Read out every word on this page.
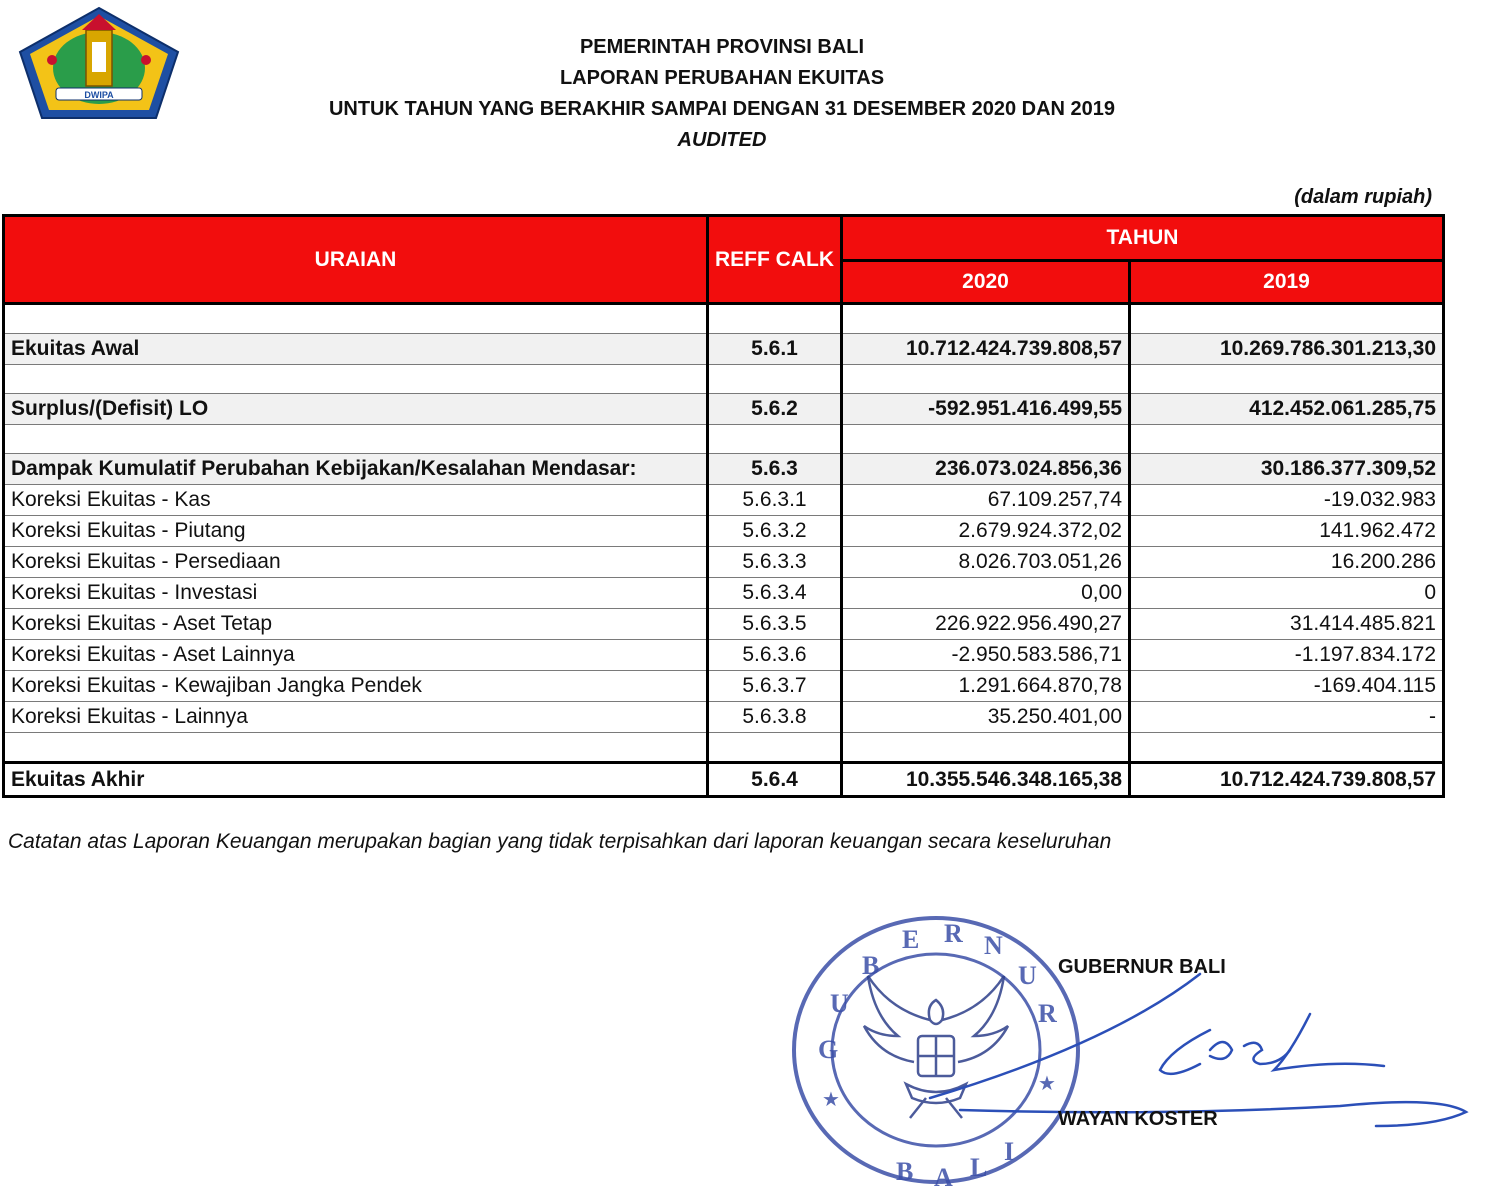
DWIPA
PEMERINTAH PROVINSI BALI
LAPORAN PERUBAHAN EKUITAS
UNTUK TAHUN YANG BERAKHIR SAMPAI DENGAN 31 DESEMBER 2020 DAN 2019
AUDITED
(dalam rupiah)
URAIAN	REFF CALK	TAHUN	
		2020	2019

Ekuitas Awal	5.6.1	10.712.424.739.808,57	10.269.786.301.213,30

Surplus/(Defisit) LO	5.6.2	-592.951.416.499,55	412.452.061.285,75

Dampak Kumulatif Perubahan Kebijakan/Kesalahan Mendasar:	5.6.3	236.073.024.856,36	30.186.377.309,52
Koreksi Ekuitas - Kas	5.6.3.1	67.109.257,74	-19.032.983
Koreksi Ekuitas - Piutang	5.6.3.2	2.679.924.372,02	141.962.472
Koreksi Ekuitas - Persediaan	5.6.3.3	8.026.703.051,26	16.200.286
Koreksi Ekuitas - Investasi	5.6.3.4	0,00	0
Koreksi Ekuitas - Aset Tetap	5.6.3.5	226.922.956.490,27	31.414.485.821
Koreksi Ekuitas - Aset Lainnya	5.6.3.6	-2.950.583.586,71	-1.197.834.172
Koreksi Ekuitas - Kewajiban Jangka Pendek	5.6.3.7	1.291.664.870,78	-169.404.115
Koreksi Ekuitas - Lainnya	5.6.3.8	35.250.401,00	-

Ekuitas Akhir	5.6.4	10.355.546.348.165,38	10.712.424.739.808,57
Catatan atas Laporan Keuangan merupakan bagian yang tidak terpisahkan dari laporan keuangan secara keseluruhan
GUB E R N UR B A LI
★
★
GUBERNUR BALI
WAYAN KOSTER
